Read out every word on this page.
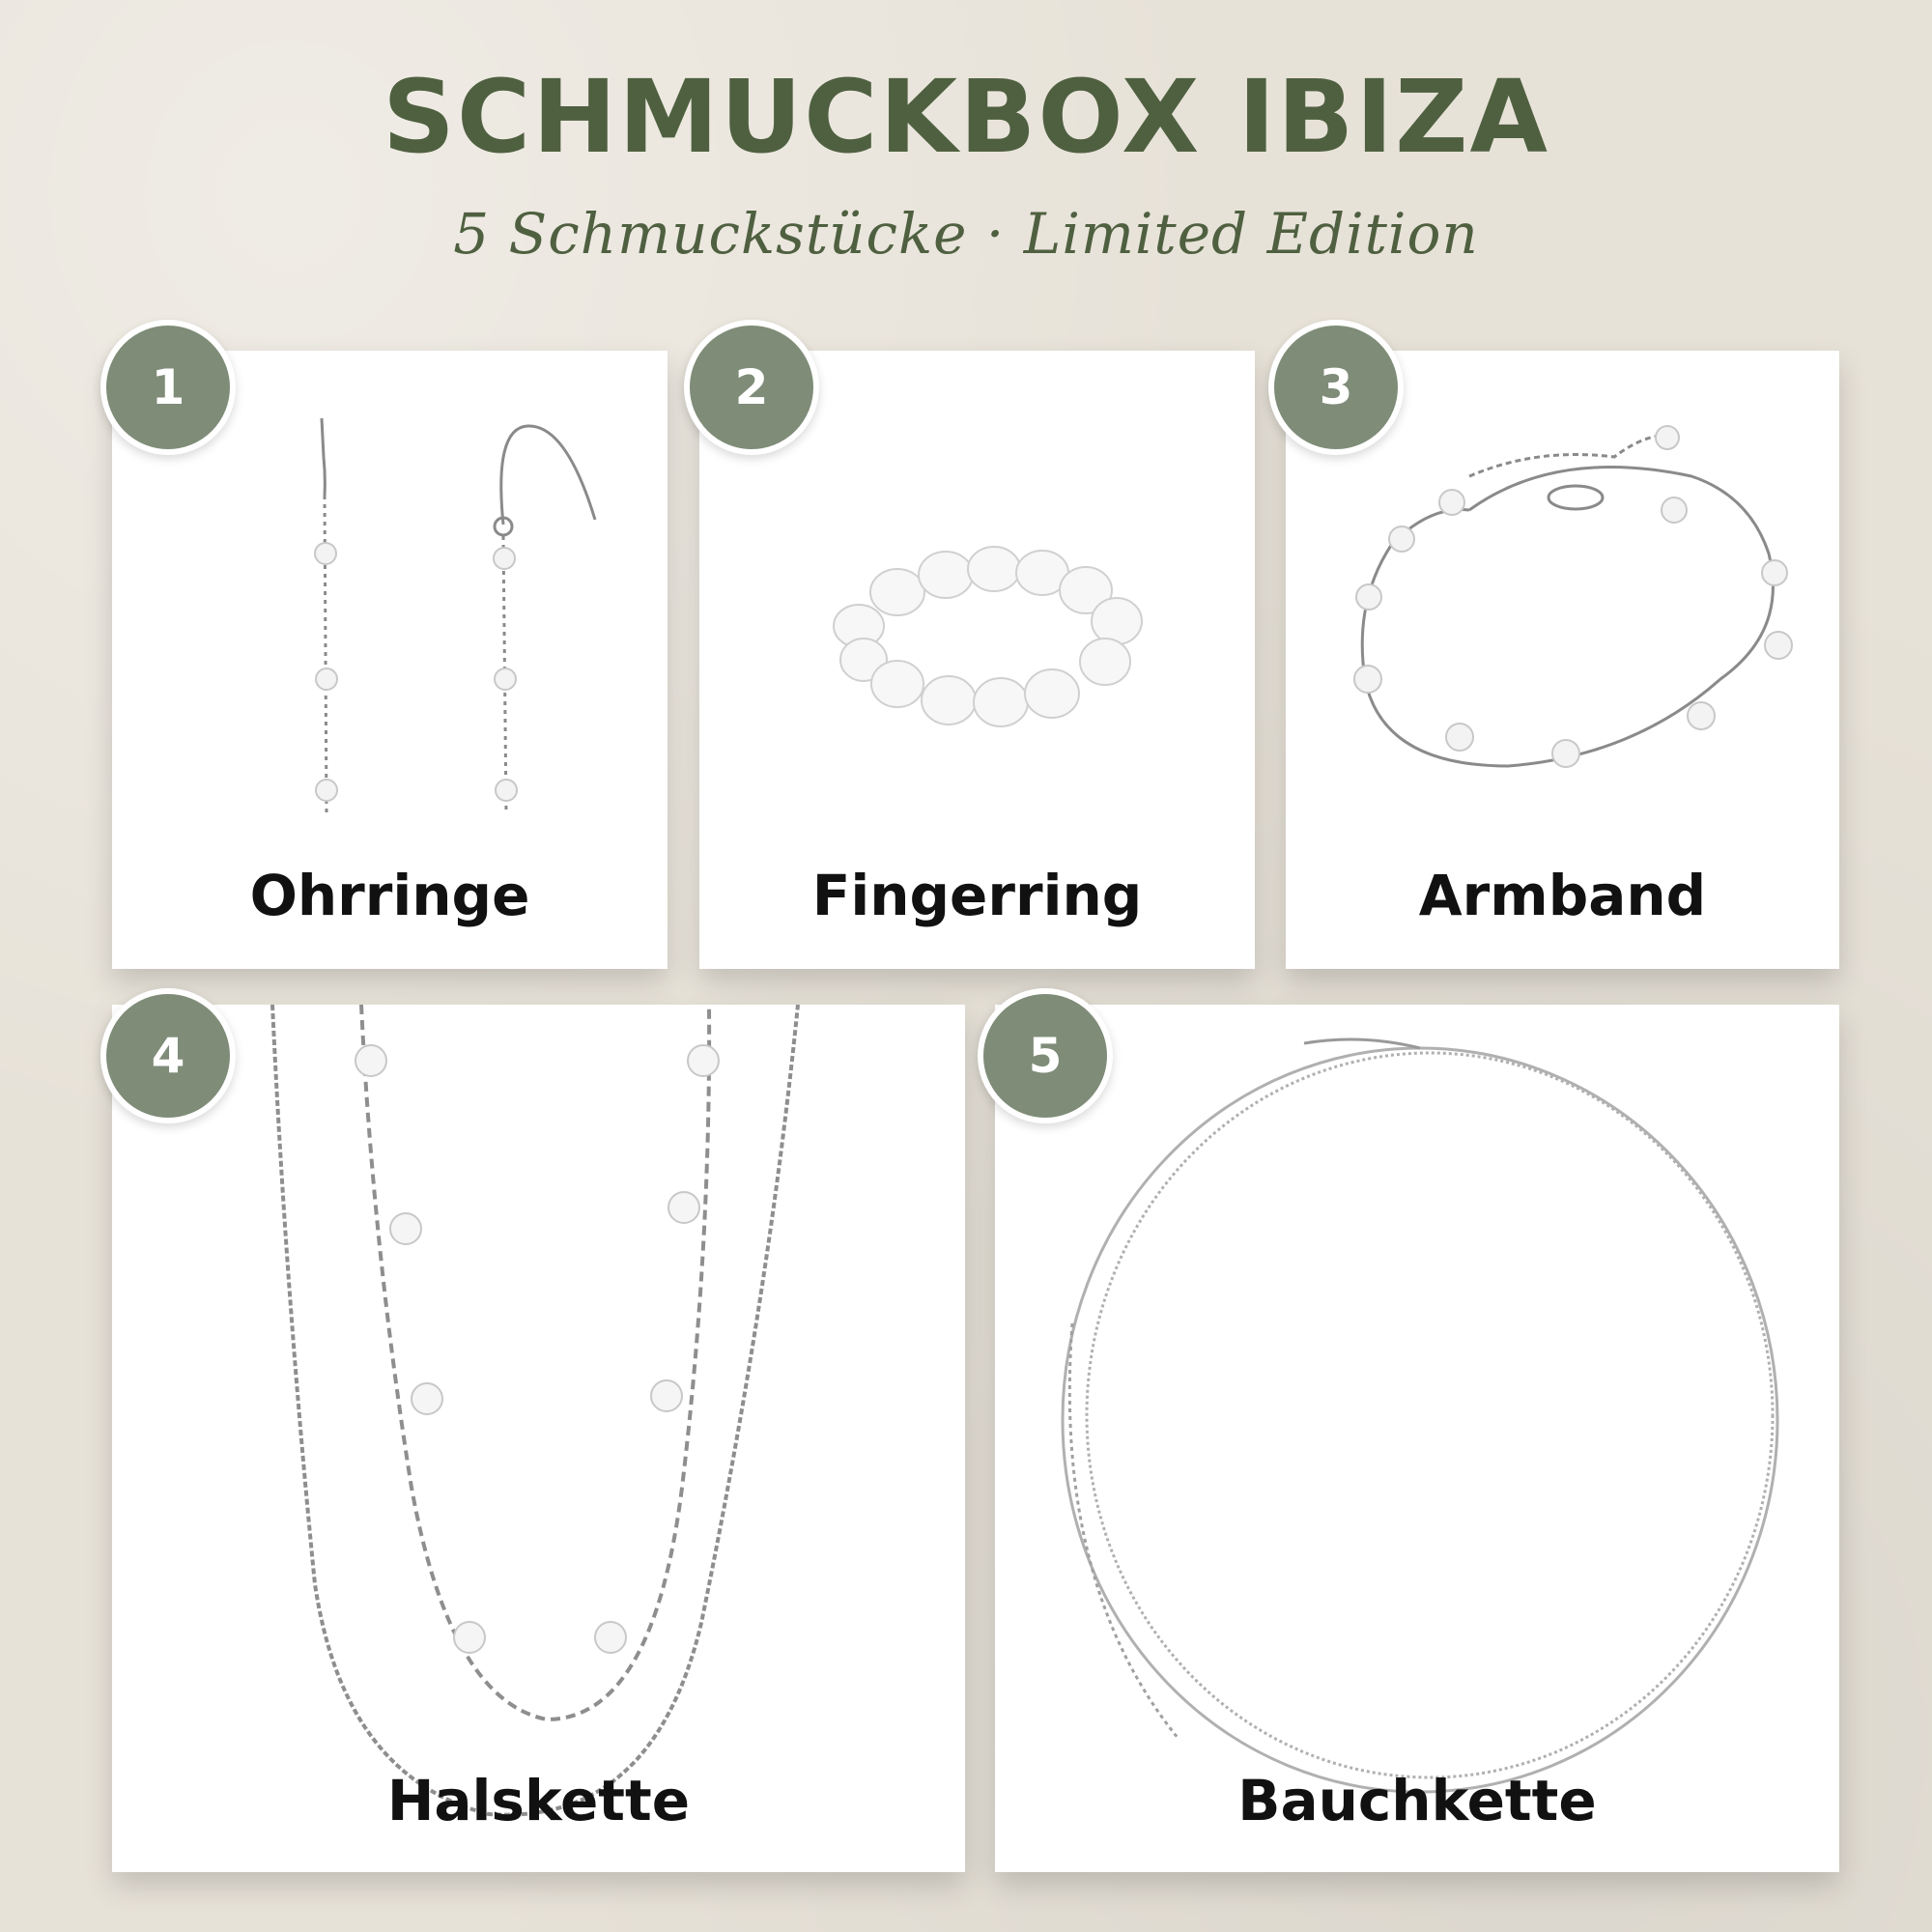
SCHMUCKBOX IBIZA
5 Schmuckstücke · Limited Edition
Ohrringe
1
Fingerring
2
Armband
3
Halskette
4
Bauchkette
5
